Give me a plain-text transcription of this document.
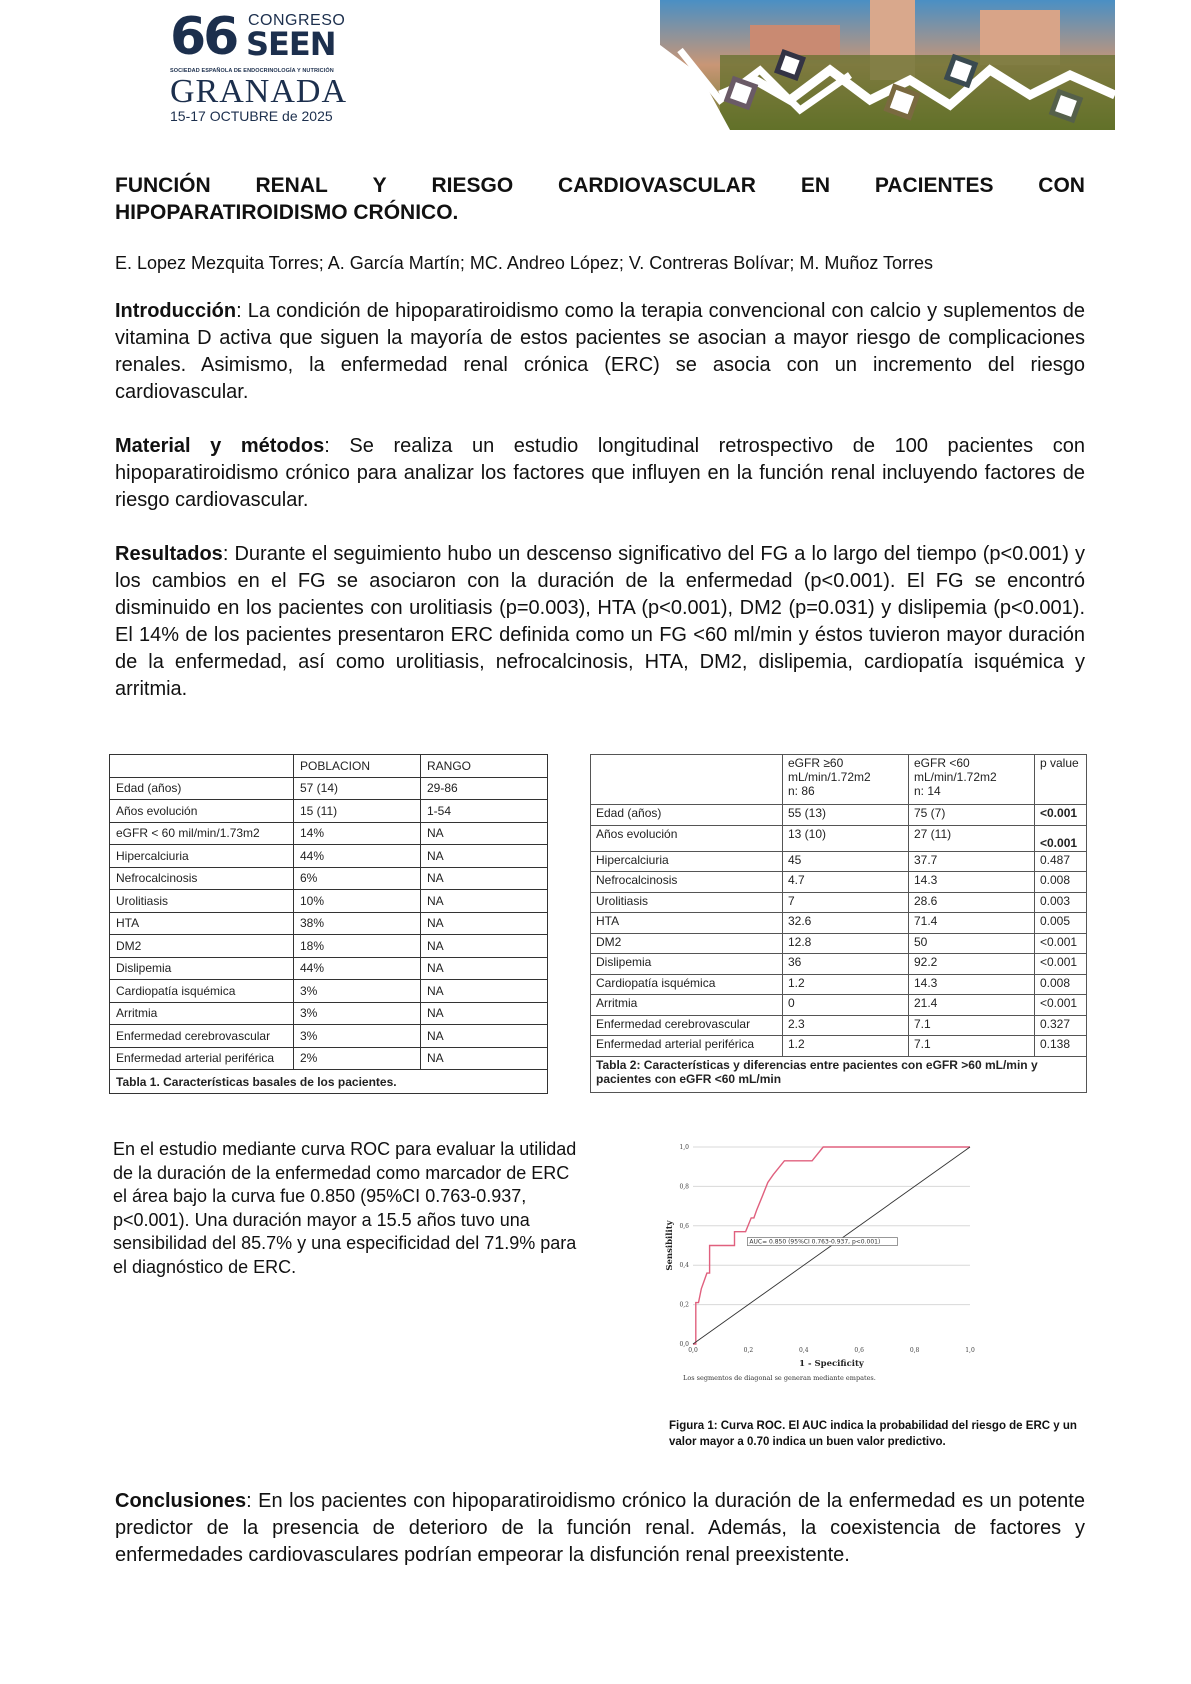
66 CONGRESO
SEEN
SOCIEDAD ESPAÑOLA DE ENDOCRINOLOGÍA Y NUTRICIÓN
GRANADA
15-17 OCTUBRE de 2025
FUNCIÓN RENAL Y RIESGO CARDIOVASCULAR EN PACIENTES CON
HIPOPARATIROIDISMO CRÓNICO.
E. Lopez Mezquita Torres; A. García Martín; MC. Andreo López; V. Contreras Bolívar; M. Muñoz Torres
Introducción: La condición de hipoparatiroidismo como la terapia convencional con calcio y suplementos de vitamina D activa que siguen la mayoría de estos pacientes se asocian a mayor riesgo de complicaciones renales. Asimismo, la enfermedad renal crónica (ERC) se asocia con un incremento del riesgo cardiovascular.
Material y métodos: Se realiza un estudio longitudinal retrospectivo de 100 pacientes con hipoparatiroidismo crónico para analizar los factores que influyen en la función renal incluyendo factores de riesgo cardiovascular.
Resultados: Durante el seguimiento hubo un descenso significativo del FG a lo largo del tiempo (p<0.001) y los cambios en el FG se asociaron con la duración de la enfermedad (p<0.001). El FG se encontró disminuido en los pacientes con urolitiasis (p=0.003), HTA (p<0.001), DM2 (p=0.031) y dislipemia (p<0.001). El 14% de los pacientes presentaron ERC definida como un FG <60 ml/min y éstos tuvieron mayor duración de la enfermedad, así como urolitiasis, nefrocalcinosis, HTA, DM2, dislipemia, cardiopatía isquémica y arritmia.
	POBLACION	RANGO
Edad (años)	57 (14)	29-86
Años evolución	15 (11)	1-54
eGFR < 60 mil/min/1.73m2	14%	NA
Hipercalciuria	44%	NA
Nefrocalcinosis	6%	NA
Urolitiasis	10%	NA
HTA	38%	NA
DM2	18%	NA
Dislipemia	44%	NA
Cardiopatía isquémica	3%	NA
Arritmia	3%	NA
Enfermedad cerebrovascular	3%	NA
Enfermedad arterial periférica	2%	NA
Tabla 1. Características basales de los pacientes.		
	eGFR ≥60
mL/min/1.72m2
n: 86	eGFR <60
mL/min/1.72m2
n: 14	p value
Edad (años)	55 (13)	75 (7)	<0.001
Años evolución	13 (10)	27 (11)	<0.001
Hipercalciuria	45	37.7	0.487
Nefrocalcinosis	4.7	14.3	0.008
Urolitiasis	7	28.6	0.003
HTA	32.6	71.4	0.005
DM2	12.8	50	<0.001
Dislipemia	36	92.2	<0.001
Cardiopatía isquémica	1.2	14.3	0.008
Arritmia	0	21.4	<0.001
Enfermedad cerebrovascular	2.3	7.1	0.327
Enfermedad arterial periférica	1.2	7.1	0.138
Tabla 2: Características y diferencias entre pacientes con eGFR >60 mL/min y pacientes con eGFR <60 mL/min			
En el estudio mediante curva ROC para evaluar la utilidad de la duración de la enfermedad como marcador de ERC el área bajo la curva fue 0.850 (95%CI 0.763-0.937, p<0.001). Una duración mayor a 15.5 años tuvo una sensibilidad del 85.7% y una especificidad del 71.9% para el diagnóstico de ERC.
0,0
0,2
0,4
0,6
0,8
1,0
0,0	0,2	0,4	0,6	0,8	1,0
AUC= 0.850 (95%CI 0.763-0.937, p<0.001)
1 - Specificity
Sensibility
Los segmentos de diagonal se generan mediante empates.
Figura 1: Curva ROC. El AUC indica la probabilidad del riesgo de ERC y un valor mayor a 0.70 indica un buen valor predictivo.
Conclusiones: En los pacientes con hipoparatiroidismo crónico la duración de la enfermedad es un potente predictor de la presencia de deterioro de la función renal. Además, la coexistencia de factores y enfermedades cardiovasculares podrían empeorar la disfunción renal preexistente.
